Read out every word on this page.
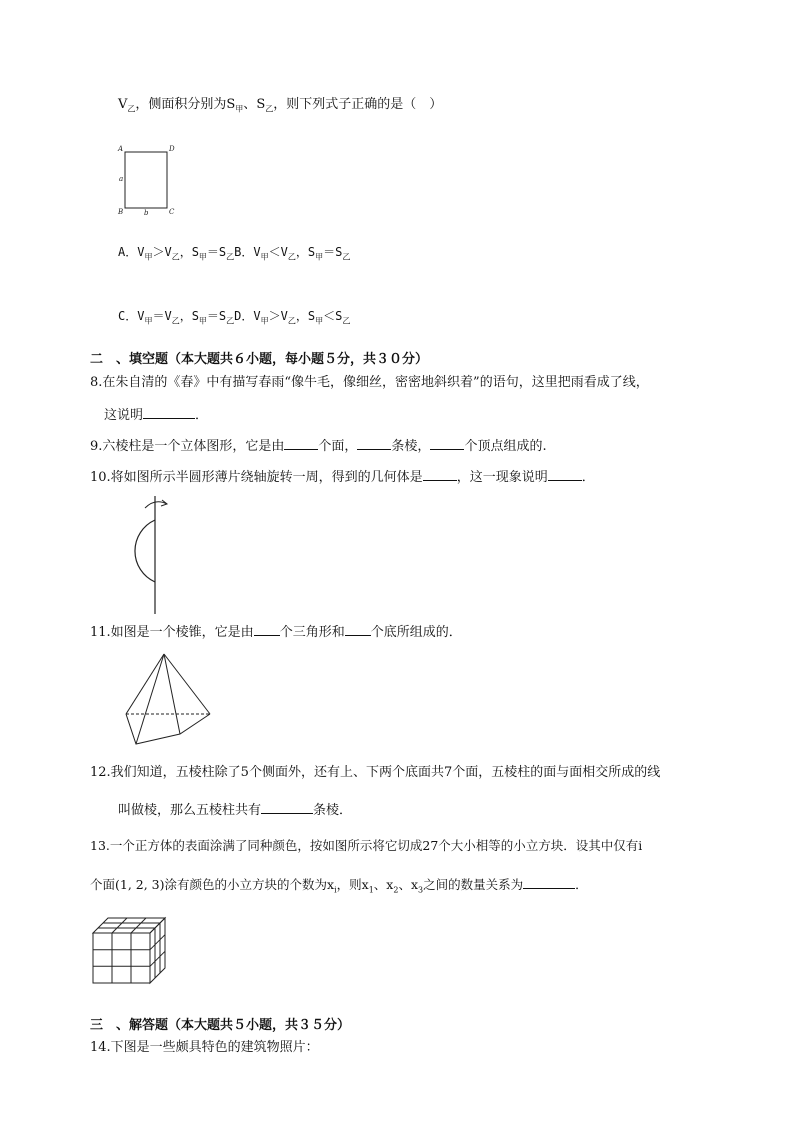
$V_乙$，侧面积分别为$S_甲$、$S_乙$，则下列式子正确的是（　）
A	D
B	C
a
b
A．$V_甲>V_乙$，$S_甲=S_乙B$．$V_甲<V_乙$，$S_甲=S_乙$
C．$V_甲=V_乙$，$S_甲=S_乙D$．$V_甲>V_乙$，$S_甲<S_乙$
二　、填空题（本大题共６小题，每小题５分，共３０分）
8.在朱自清的《春》中有描写春雨“像牛毛，像细丝，密密地斜织着”的语句，这里把雨看成了线，
这说明	．
9.六棱柱是一个立体图形，它是由	个面，	条棱，	个顶点组成的.
10.将如图所示半圆形薄片绕轴旋转一周，得到的几何体是	，这一现象说明	．
11.如图是一个棱锥，它是由 个三角形和 个底所组成的．
12.我们知道，五棱柱除了5个侧面外，还有上、下两个底面共7个面，五棱柱的面与面相交所成的线
叫做棱，那么五棱柱共有	条棱．
13.一个正方体的表面涂满了同种颜色，按如图所示将它切成27个大小相等的小立方块．设其中仅有i
个面(1, 2, 3)涂有颜色的小立方块的个数为$x_i$，则$x_1$、$x_2$、$x_3$之间的数量关系为	．
三　、解答题（本大题共５小题，共３５分）
14.下图是一些颇具特色的建筑物照片：
